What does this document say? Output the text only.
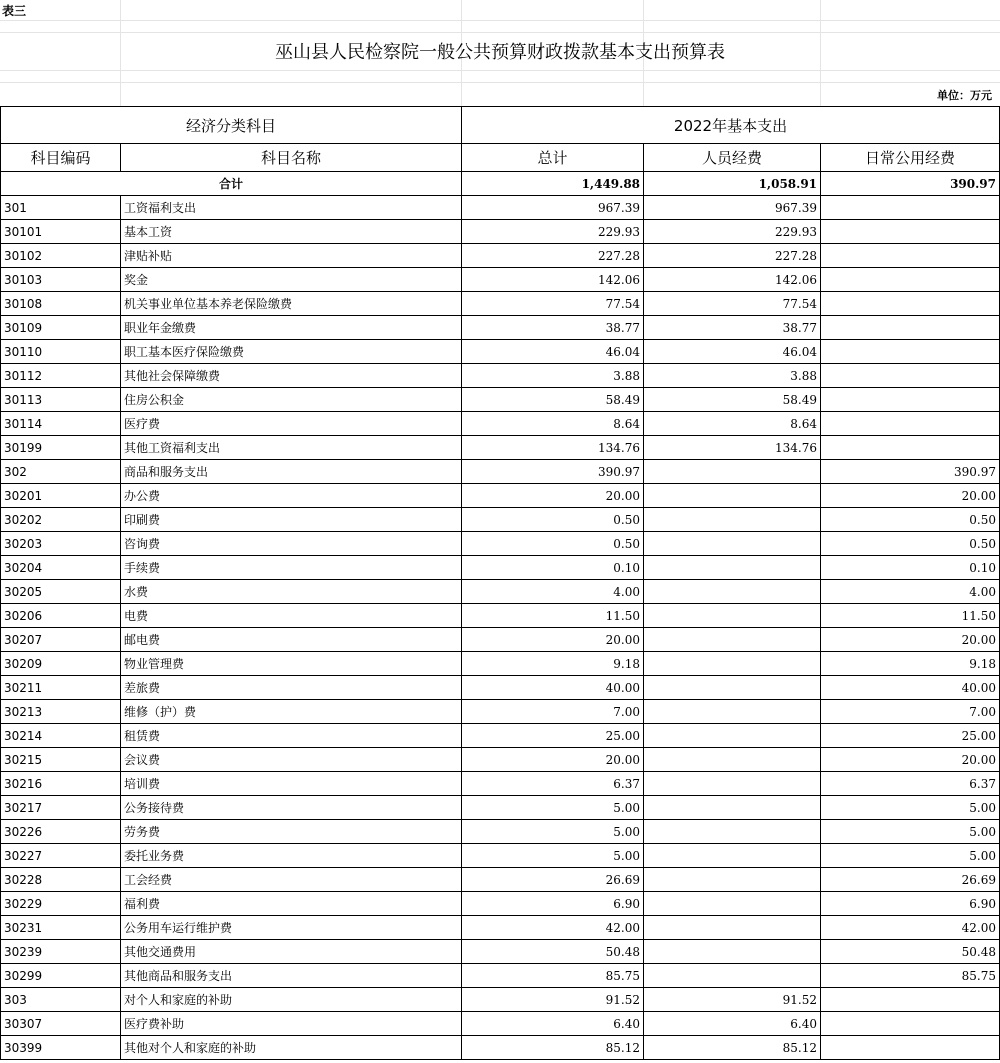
表三
巫山县人民检察院一般公共预算财政拨款基本支出预算表
单位：万元
经济分类科目		2022年基本支出		
科目编码	科目名称	总计	人员经费	日常公用经费
合计		1,449.88	1,058.91	390.97
301	工资福利支出	967.39	967.39	
30101	基本工资	229.93	229.93	
30102	津贴补贴	227.28	227.28	
30103	奖金	142.06	142.06	
30108	机关事业单位基本养老保险缴费	77.54	77.54	
30109	职业年金缴费	38.77	38.77	
30110	职工基本医疗保险缴费	46.04	46.04	
30112	其他社会保障缴费	3.88	3.88	
30113	住房公积金	58.49	58.49	
30114	医疗费	8.64	8.64	
30199	其他工资福利支出	134.76	134.76	
302	商品和服务支出	390.97		390.97
30201	办公费	20.00		20.00
30202	印刷费	0.50		0.50
30203	咨询费	0.50		0.50
30204	手续费	0.10		0.10
30205	水费	4.00		4.00
30206	电费	11.50		11.50
30207	邮电费	20.00		20.00
30209	物业管理费	9.18		9.18
30211	差旅费	40.00		40.00
30213	维修（护）费	7.00		7.00
30214	租赁费	25.00		25.00
30215	会议费	20.00		20.00
30216	培训费	6.37		6.37
30217	公务接待费	5.00		5.00
30226	劳务费	5.00		5.00
30227	委托业务费	5.00		5.00
30228	工会经费	26.69		26.69
30229	福利费	6.90		6.90
30231	公务用车运行维护费	42.00		42.00
30239	其他交通费用	50.48		50.48
30299	其他商品和服务支出	85.75		85.75
303	对个人和家庭的补助	91.52	91.52	
30307	医疗费补助	6.40	6.40	
30399	其他对个人和家庭的补助	85.12	85.12	
